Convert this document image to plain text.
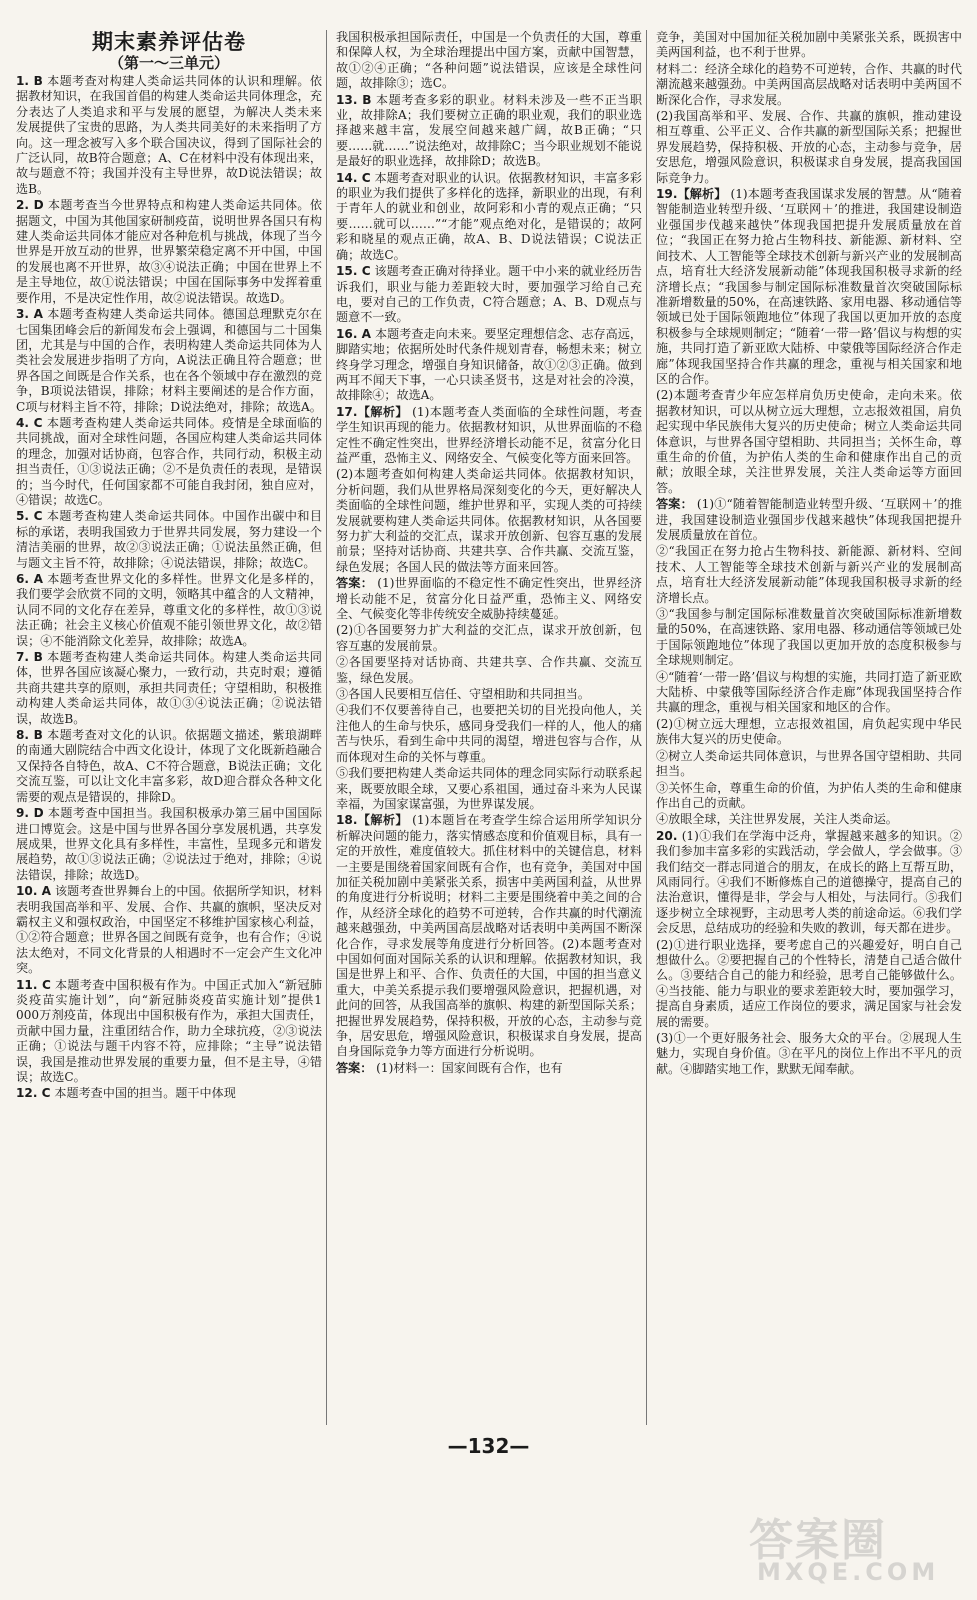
期末素养评估卷
（第一～三单元）
1. B 本题考查对构建人类命运共同体的认识和理解。依据教材知识，在我国首倡的构建人类命运共同体理念，充分表达了人类追求和平与发展的愿望，为解决人类未来 发展提供了宝贵的思路，为人类共同美好的未来指明了方向。这一理念被写入多个联合国决议，得到了国际社会的广泛认同，故B符合题意；A、C在材料中没有体现出来，故与题意不符；我国并没有主导世界，故D说法错误；故选B。
2. D 本题考查当今世界特点和构建人类命运共同体。依据题文，中国为其他国家研制疫苗，说明世界各国只有构建人类命运共同体才能应对各种危机与挑战，体现了当今世界是开放互动的世界，世界繁荣稳定离不开中国，中国的发展也离不开世界，故③④说法正确；中国在世界上不是主导地位，故①说法错误；中国在国际事务中发挥着重要作用，不是决定性作用，故②说法错误。故选D。
3. A 本题考查构建人类命运共同体。德国总理默克尔在七国集团峰会后的新闻发布会上强调，和德国与二十国集团，尤其是与中国的合作，表明构建人类命运共同体为人类社会发展进步指明了方向，A说法正确且符合题意；世界各国之间既是合作关系，也在各个领域中存在激烈的竞争，B项说法错误，排除；材料主要阐述的是合作方面，C项与材料主旨不符，排除；D说法绝对，排除；故选A。
4. C 本题考查构建人类命运共同体。疫情是全球面临的共同挑战，面对全球性问题，各国应构建人类命运共同体的理念，加强对话协商，包容合作，共同行动，积极主动担当责任，①③说法正确；②不是负责任的表现，是错误的；当今时代，任何国家都不可能自我封闭，独自应对，④错误；故选C。
5. C 本题考查构建人类命运共同体。中国作出碳中和目标的承诺，表明我国致力于世界共同发展，努力建设一个清洁美丽的世界，故②③说法正确；①说法虽然正确，但与题文主旨不符，故排除；④说法错误，排除；故选C。
6. A 本题考查世界文化的多样性。世界文化是多样的，我们要学会欣赏不同的文明，领略其中蕴含的人文精神，认同不同的文化存在差异，尊重文化的多样性，故①③说法正确；社会主义核心价值观不能引领世界文化，故②错误；④不能消除文化差异，故排除；故选A。
7. B 本题考查构建人类命运共同体。构建人类命运共同体，世界各国应该凝心聚力，一致行动，共克时艰；遵循共商共建共享的原则，承担共同责任；守望相助，积极推动构建人类命运共同体，故①③④说法正确；②说法错误，故选B。
8. B 本题考查对文化的认识。依据题文描述，紫琅湖畔的南通大剧院结合中西文化设计，体现了文化既新趋融合又保持各自特色，故A、C不符合题意，B说法正确；文化交流互鉴，可以让文化丰富多彩，故D迎合群众各种文化需要的观点是错误的，排除D。
9. D 本题考查中国担当。我国积极承办第三届中国国际进口博览会。这是中国与世界各国分享发展机遇，共享发展成果，世界文化具有多样性，丰富性，呈现多元和谐发展趋势，故①③说法正确；②说法过于绝对，排除；④说法错误，排除；故选D。
10. A 该题考查世界舞台上的中国。依据所学知识，材料表明我国高举和平、发展、合作、共赢的旗帜，坚决反对霸权主义和强权政治，中国坚定不移维护国家核心利益，①②符合题意；世界各国之间既有竞争，也有合作；④说法太绝对，不同文化背景的人相遇时不一定会产生文化冲突。
11. C 本题考查中国积极有作为。中国正式加入“新冠肺炎疫苗实施计划”，向“新冠肺炎疫苗实施计划”提供1 000万剂疫苗，体现出中国积极有作为，承担大国责任，贡献中国力量，注重团结合作，助力全球抗疫，②③说法正确；①说法与题干内容不符，应排除；“主导”说法错误，我国是推动世界发展的重要力量，但不是主导，④错误；故选C。
12. C 本题考查中国的担当。题干中体现
我国积极承担国际责任，中国是一个负责任的大国，尊重和保障人权，为全球治理提出中国方案，贡献中国智慧，故①②④正确；“各种问题”说法错误，应该是全球性问题，故排除③；选C。
13. B 本题考查多彩的职业。材料未涉及一些不正当职业，故排除A；我们要树立正确的职业观，我们的职业选择越来越丰富，发展空间越来越广阔，故B正确；“只要……就……”说法绝对，故排除C；当今职业规划不能说是最好的职业选择，故排除D；故选B。
14. C 本题考查对职业的认识。依据教材知识，丰富多彩的职业为我们提供了多样化的选择，新职业的出现，有利于青年人的就业和创业，故阿彩和小青的观点正确；“只要……就可以……”“才能”观点绝对化，是错误的；故阿彩和晓星的观点正确，故A、B、D说法错误；C说法正确；故选C。
15. C 该题考查正确对待择业。题干中小来的就业经历告诉我们，职业与能力差距较大时，要加强学习给自己充电，要对自己的工作负责，C符合题意；A、B、D观点与题意不一致。
16. A 本题考查走向未来。要坚定理想信念、志存高远，脚踏实地；依据所处时代条件规划青春，畅想未来；树立终身学习理念，增强自身知识储备，故①②③正确。做到两耳不闻天下事，一心只读圣贤书，这是对社会的冷漠，故排除④；故选A。
17.【解析】 (1)本题考查人类面临的全球性问题，考查学生知识再现的能力。依据教材知识，从世界面临的不稳定性不确定性突出，世界经济增长动能不足，贫富分化日益严重，恐怖主义、网络安全、气候变化等方面来回答。
(2)本题考查如何构建人类命运共同体。依据教材知识，分析问题，我们从世界格局深刻变化的今天，更好解决人类面临的全球性问题，维护世界和平，实现人类的可持续发展就要构建人类命运共同体。依据教材知识，从各国要努力扩大利益的交汇点，谋求开放创新、包容互惠的发展前景；坚持对话协商、共建共享、合作共赢、交流互鉴，绿色发展；各国人民的做法等方面来回答。
答案： (1)世界面临的不稳定性不确定性突出，世界经济增长动能不足，贫富分化日益严重，恐怖主义、网络安全、气候变化等非传统安全威胁持续蔓延。
(2)①各国要努力扩大利益的交汇点，谋求开放创新，包容互惠的发展前景。
②各国要坚持对话协商、共建共享、合作共赢、交流互鉴，绿色发展。
③各国人民要相互信任、守望相助和共同担当。
④我们不仅要善待自己，也要把关切的目光投向他人，关注他人的生命与快乐，感同身受我们一样的人，他人的痛苦与快乐，看到生命中共同的渴望，增进包容与合作，从而体现对生命的关怀与尊重。
⑤我们要把构建人类命运共同体的理念同实际行动联系起来，既要放眼全球，又要心系祖国，通过奋斗来为人民谋幸福，为国家谋富强，为世界谋发展。
18.【解析】 (1)本题旨在考查学生综合运用所学知识分析解决问题的能力，落实情感态度和价值观目标，具有一定的开放性，难度值较大。抓住材料中的关键信息，材料一主要是围绕着国家间既有合作，也有竞争，美国对中国加征关税加剧中美紧张关系，损害中美两国利益，从世界的角度进行分析说明；材料二主要是围绕着中美之间的合作，从经济全球化的趋势不可逆转，合作共赢的时代潮流越来越强劲，中美两国高层战略对话表明中美两国不断深化合作，寻求发展等角度进行分析回答。(2)本题考查对中国如何面对国际关系的认识和理解。依据教材知识，我国是世界上和平、合作、负责任的大国，中国的担当意义重大，中美关系提示我们要增强风险意识，把握机遇，对此问的回答，从我国高举的旗帜、构建的新型国际关系；把握世界发展趋势，保持积极，开放的心态，主动参与竞争，居安思危，增强风险意识，积极谋求自身发展，提高自身国际竞争力等方面进行分析说明。
答案： (1)材料一：国家间既有合作，也有
竞争，美国对中国加征关税加剧中美紧张关系，既损害中美两国利益，也不利于世界。
材料二：经济全球化的趋势不可逆转，合作、共赢的时代潮流越来越强劲。中美两国高层战略对话表明中美两国不断深化合作，寻求发展。
(2)我国高举和平、发展、合作、共赢的旗帜，推动建设相互尊重、公平正义、合作共赢的新型国际关系；把握世界发展趋势，保持积极、开放的心态，主动参与竞争，居安思危，增强风险意识，积极谋求自身发展，提高我国国际竞争力。
19.【解析】 (1)本题考查我国谋求发展的智慧。从“随着智能制造业转型升级、‘互联网＋’的推进，我国建设制造业强国步伐越来越快”体现我国把提升发展质量放在首位；“我国正在努力抢占生物科技、新能源、新材料、空间技术、人工智能等全球技术创新与新兴产业的发展制高点，培育壮大经济发展新动能”体现我国积极寻求新的经济增长点；“我国参与制定国际标准数量首次突破国际标准新增数量的50%，在高速铁路、家用电器、移动通信等领域已处于国际领跑地位”体现了我国以更加开放的态度积极参与全球规则制定；“随着‘一带一路’倡议与构想的实施，共同打造了新亚欧大陆桥、中蒙俄等国际经济合作走廊”体现我国坚持合作共赢的理念，重视与相关国家和地区的合作。
(2)本题考查青少年应怎样肩负历史使命，走向未来。依据教材知识，可以从树立远大理想，立志报效祖国，肩负起实现中华民族伟大复兴的历史使命；树立人类命运共同体意识，与世界各国守望相助、共同担当；关怀生命，尊重生命的价值，为护佑人类的生命和健康作出自己的贡献；放眼全球，关注世界发展，关注人类命运等方面回答。
答案： (1)①“随着智能制造业转型升级、‘互联网＋’的推进，我国建设制造业强国步伐越来越快”体现我国把提升发展质量放在首位。
②“我国正在努力抢占生物科技、新能源、新材料、空间技术、人工智能等全球技术创新与新兴产业的发展制高点，培育壮大经济发展新动能”体现我国积极寻求新的经济增长点。
③“我国参与制定国际标准数量首次突破国际标准新增数量的50%，在高速铁路、家用电器、移动通信等领域已处于国际领跑地位”体现了我国以更加开放的态度积极参与全球规则制定。
④“随着‘一带一路’倡议与构想的实施，共同打造了新亚欧大陆桥、中蒙俄等国际经济合作走廊”体现我国坚持合作共赢的理念，重视与相关国家和地区的合作。
(2)①树立远大理想，立志报效祖国，肩负起实现中华民族伟大复兴的历史使命。
②树立人类命运共同体意识，与世界各国守望相助、共同担当。
③关怀生命，尊重生命的价值，为护佑人类的生命和健康作出自己的贡献。
④放眼全球，关注世界发展，关注人类命运。
20. (1)①我们在学海中泛舟，掌握越来越多的知识。②我们参加丰富多彩的实践活动，学会做人，学会做事。③我们结交一群志同道合的朋友，在成长的路上互帮互助，风雨同行。④我们不断修炼自己的道德操守，提高自己的法治意识，懂得是非，学会与人相处，与法同行。⑤我们逐步树立全球视野，主动思考人类的前途命运。⑥我们学会反思，总结成功的经验和失败的教训，每天都在进步。
(2)①进行职业选择，要考虑自己的兴趣爱好，明白自己想做什么。②要把握自己的个性特长，清楚自己适合做什么。③要结合自己的能力和经验，思考自己能够做什么。④当技能、能力与职业的要求差距较大时，要加强学习，提高自身素质，适应工作岗位的要求，满足国家与社会发展的需要。
(3)①一个更好服务社会、服务大众的平台。②展现人生魅力，实现自身价值。③在平凡的岗位上作出不平凡的贡献。④脚踏实地工作，默默无闻奉献。
—132—
答案圈
MXQE.COM
